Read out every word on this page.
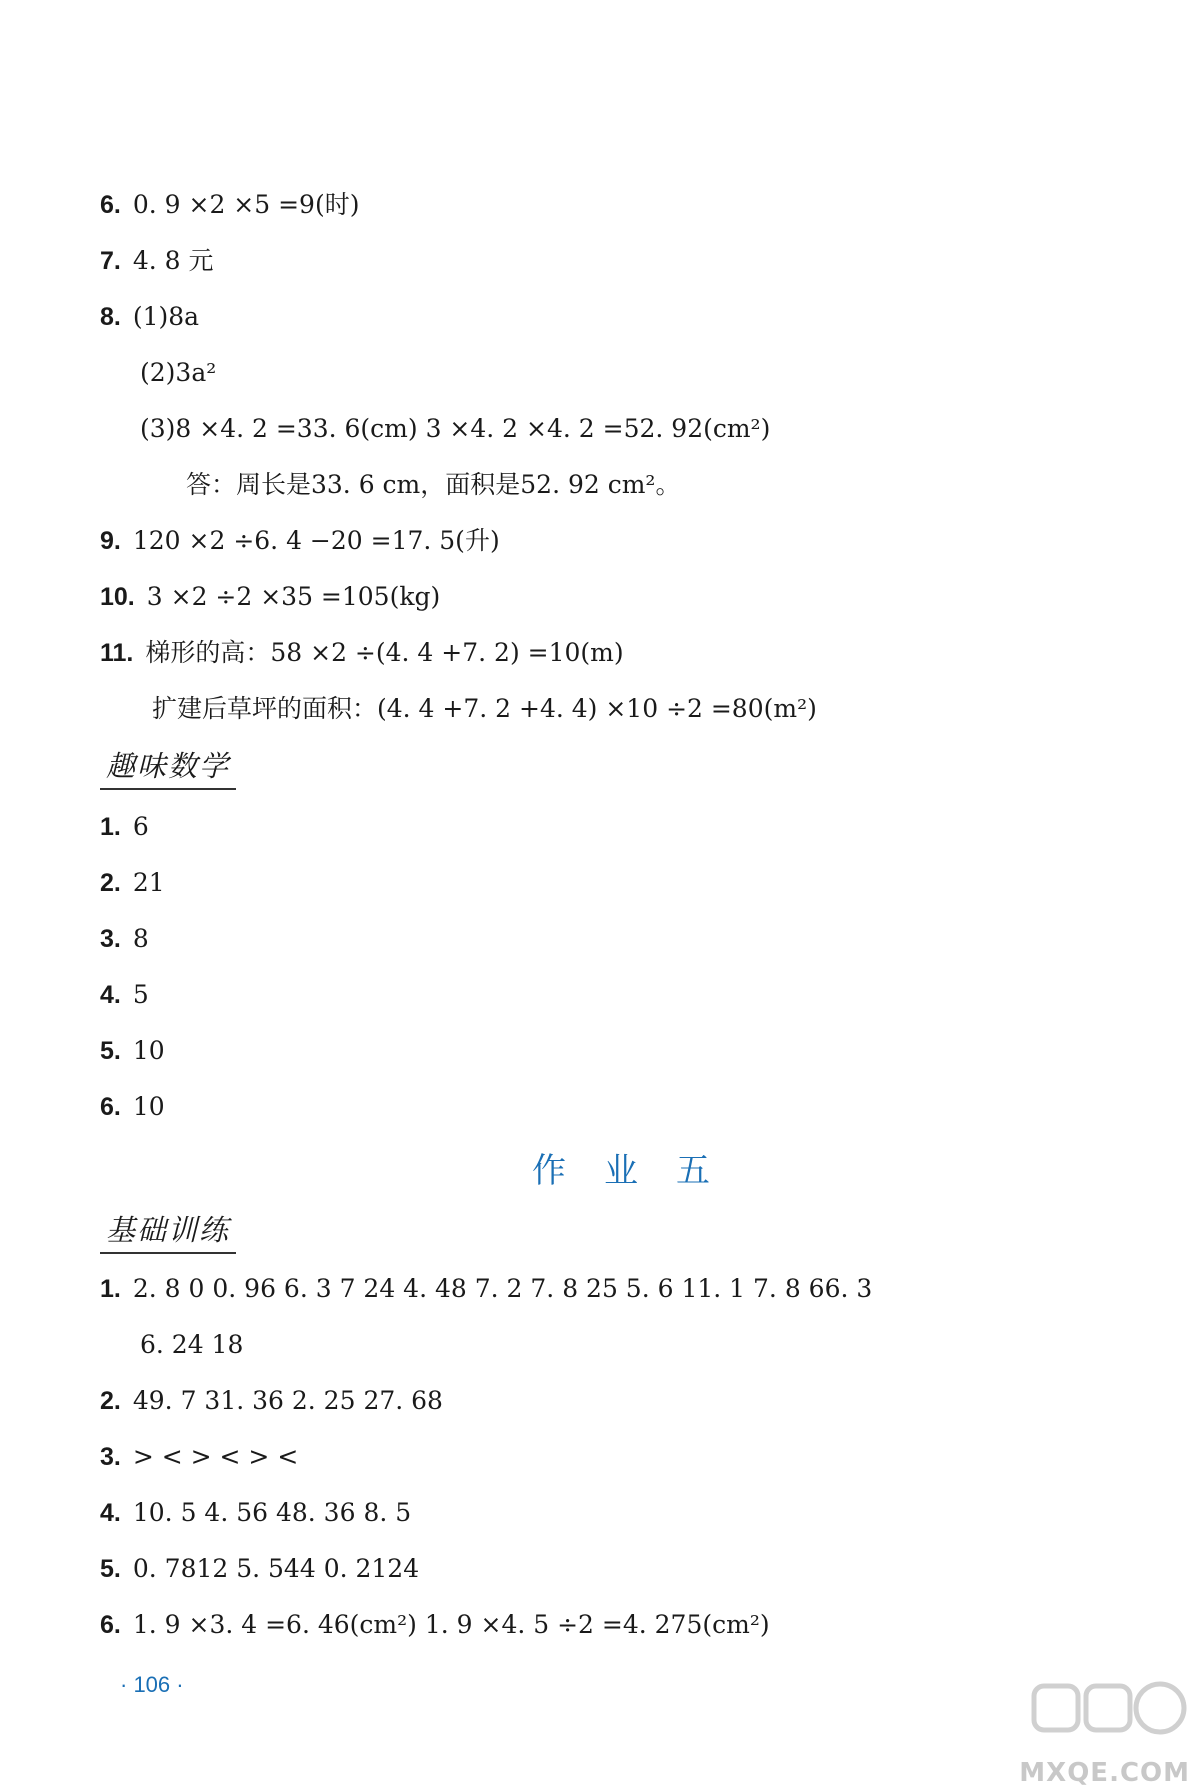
6. 0. 9 ×2 ×5 =9(时)
7. 4. 8 元
8. (1)8a
(2)3a²
(3)8 ×4. 2 =33. 6(cm) 3 ×4. 2 ×4. 2 =52. 92(cm²)
答：周长是33. 6 cm，面积是52. 92 cm²。
9. 120 ×2 ÷6. 4 −20 =17. 5(升)
10. 3 ×2 ÷2 ×35 =105(kg)
11. 梯形的高：58 ×2 ÷(4. 4 +7. 2) =10(m)
扩建后草坪的面积：(4. 4 +7. 2 +4. 4) ×10 ÷2 =80(m²)
趣味数学
1. 6
2. 21
3. 8
4. 5
5. 10
6. 10
作业五
基础训练
1. 2. 8 0 0. 96 6. 3 7 24 4. 48 7. 2 7. 8 25 5. 6 11. 1 7. 8 66. 3
6. 24 18
2. 49. 7 31. 36 2. 25 27. 68
3. > < > < > <
4. 10. 5 4. 56 48. 36 8. 5
5. 0. 7812 5. 544 0. 2124
6. 1. 9 ×3. 4 =6. 46(cm²) 1. 9 ×4. 5 ÷2 =4. 275(cm²)
· 106 ·
MXQE.COM
